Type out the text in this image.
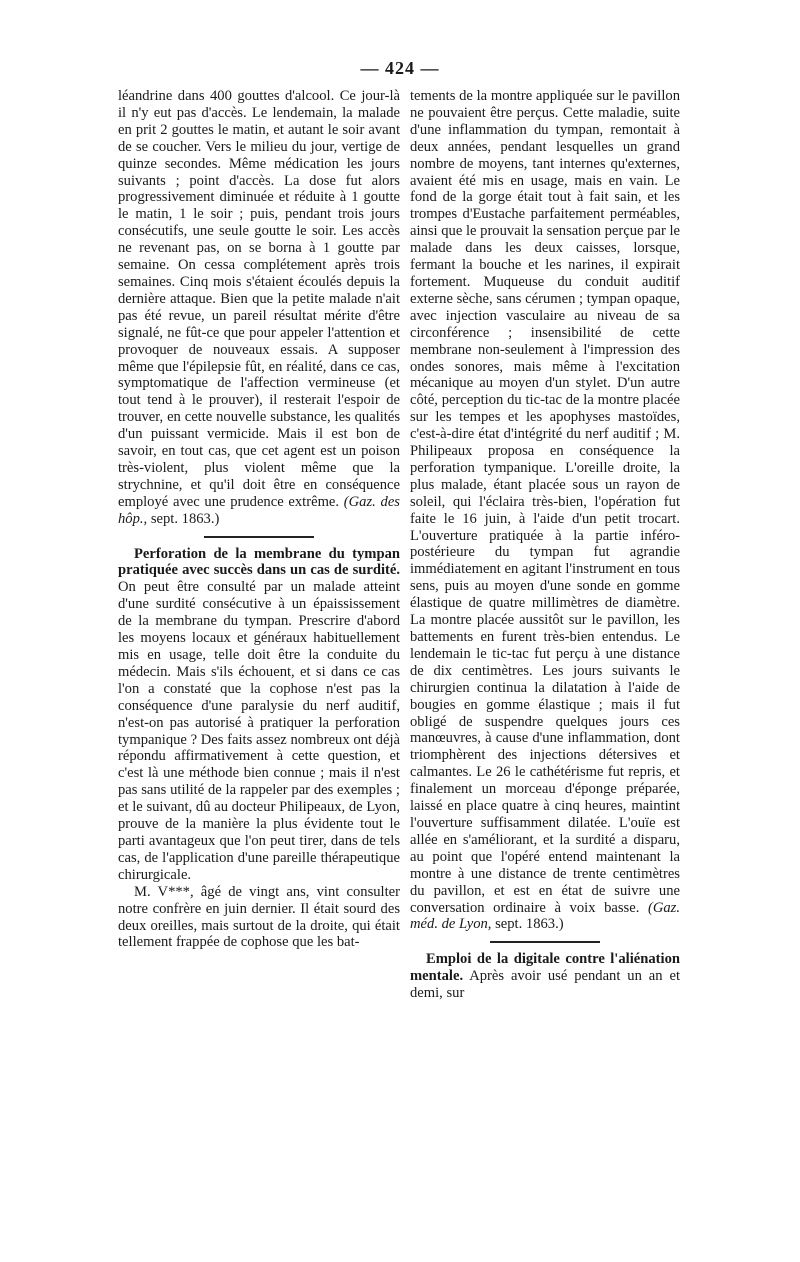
— 424 —

léandrine dans 400 gouttes d'alcool. Ce jour-là il n'y eut pas d'accès. Le lendemain, la malade en prit 2 gouttes le matin, et autant le soir avant de se coucher. Vers le milieu du jour, vertige de quinze secondes. Même médication les jours suivants ; point d'accès. La dose fut alors progressivement diminuée et réduite à 1 goutte le matin, 1 le soir ; puis, pendant trois jours consécutifs, une seule goutte le soir. Les accès ne revenant pas, on se borna à 1 goutte par semaine. On cessa complétement après trois semaines. Cinq mois s'étaient écoulés depuis la dernière attaque. Bien que la petite malade n'ait pas été revue, un pareil résultat mérite d'être signalé, ne fût-ce que pour appeler l'attention et provoquer de nouveaux essais. A supposer même que l'épilepsie fût, en réalité, dans ce cas, symptomatique de l'affection vermineuse (et tout tend à le prouver), il resterait l'espoir de trouver, en cette nouvelle substance, les qualités d'un puissant vermicide. Mais il est bon de savoir, en tout cas, que cet agent est un poison très-violent, plus violent même que la strychnine, et qu'il doit être en conséquence employé avec une prudence extrême. (Gaz. des hôp., sept. 1863.)

Perforation de la membrane du tympan pratiquée avec succès dans un cas de surdité. On peut être consulté par un malade atteint d'une surdité consécutive à un épaississement de la membrane du tympan. Prescrire d'abord les moyens locaux et généraux habituellement mis en usage, telle doit être la conduite du médecin. Mais s'ils échouent, et si dans ce cas l'on a constaté que la cophose n'est pas la conséquence d'une paralysie du nerf auditif, n'est-on pas autorisé à pratiquer la perforation tympanique ? Des faits assez nombreux ont déjà répondu affirmativement à cette question, et c'est là une méthode bien connue ; mais il n'est pas sans utilité de la rappeler par des exemples ; et le suivant, dû au docteur Philipeaux, de Lyon, prouve de la manière la plus évidente tout le parti avantageux que l'on peut tirer, dans de tels cas, de l'application d'une pareille thérapeutique chirurgicale.

M. V***, âgé de vingt ans, vint consulter notre confrère en juin dernier. Il était sourd des deux oreilles, mais surtout de la droite, qui était tellement frappée de cophose que les bat-

tements de la montre appliquée sur le pavillon ne pouvaient être perçus. Cette maladie, suite d'une inflammation du tympan, remontait à deux années, pendant lesquelles un grand nombre de moyens, tant internes qu'externes, avaient été mis en usage, mais en vain. Le fond de la gorge était tout à fait sain, et les trompes d'Eustache parfaitement perméables, ainsi que le prouvait la sensation perçue par le malade dans les deux caisses, lorsque, fermant la bouche et les narines, il expirait fortement. Muqueuse du conduit auditif externe sèche, sans cérumen ; tympan opaque, avec injection vasculaire au niveau de sa circonférence ; insensibilité de cette membrane non-seulement à l'impression des ondes sonores, mais même à l'excitation mécanique au moyen d'un stylet. D'un autre côté, perception du tic-tac de la montre placée sur les tempes et les apophyses mastoïdes, c'est-à-dire état d'intégrité du nerf auditif ; M. Philipeaux proposa en conséquence la perforation tympanique. L'oreille droite, la plus malade, étant placée sous un rayon de soleil, qui l'éclaira très-bien, l'opération fut faite le 16 juin, à l'aide d'un petit trocart. L'ouverture pratiquée à la partie inféro-postérieure du tympan fut agrandie immédiatement en agitant l'instrument en tous sens, puis au moyen d'une sonde en gomme élastique de quatre millimètres de diamètre. La montre placée aussitôt sur le pavillon, les battements en furent très-bien entendus. Le lendemain le tic-tac fut perçu à une distance de dix centimètres. Les jours suivants le chirurgien continua la dilatation à l'aide de bougies en gomme élastique ; mais il fut obligé de suspendre quelques jours ces manœuvres, à cause d'une inflammation, dont triomphèrent des injections détersives et calmantes. Le 26 le cathétérisme fut repris, et finalement un morceau d'éponge préparée, laissé en place quatre à cinq heures, maintint l'ouverture suffisamment dilatée. L'ouïe est allée en s'améliorant, et la surdité a disparu, au point que l'opéré entend maintenant la montre à une distance de trente centimètres du pavillon, et est en état de suivre une conversation ordinaire à voix basse. (Gaz. méd. de Lyon, sept. 1863.)

Emploi de la digitale contre l'aliénation mentale. Après avoir usé pendant un an et demi, sur
